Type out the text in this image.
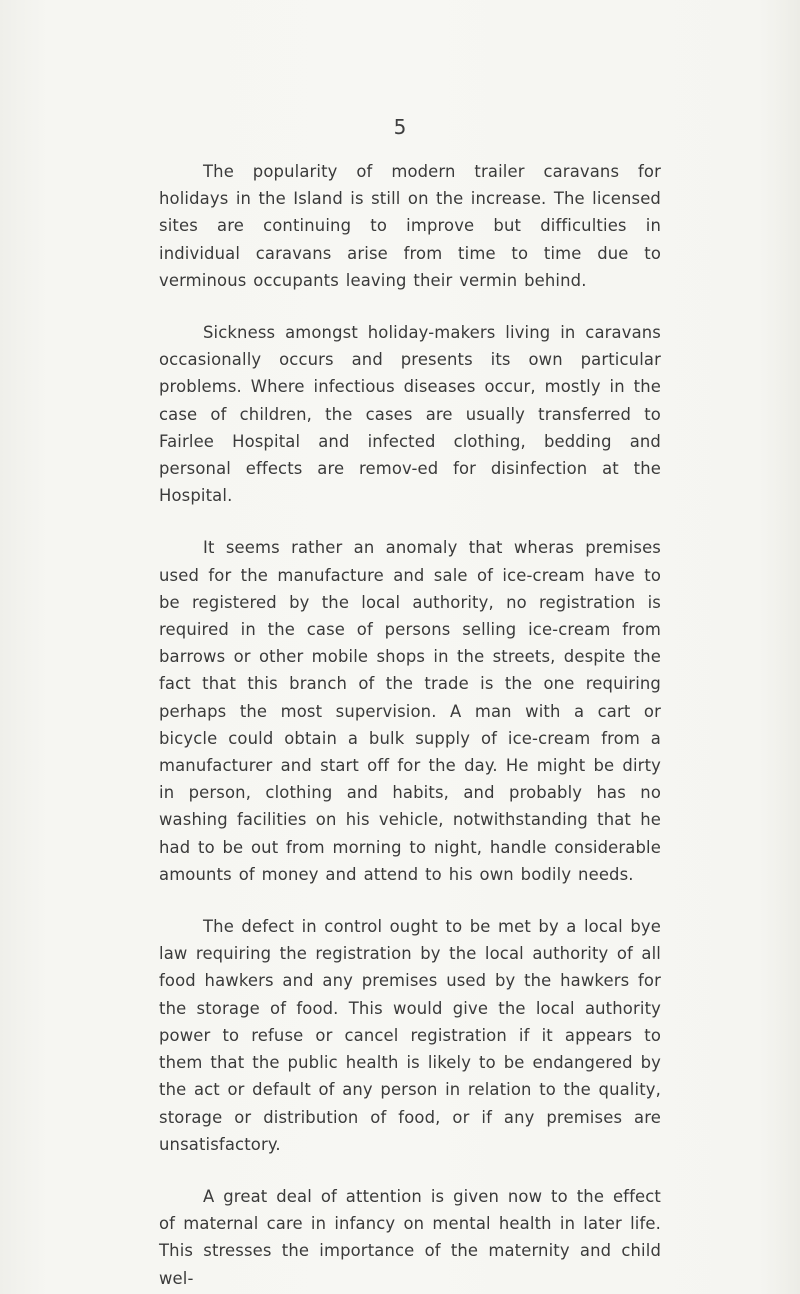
5

The popularity of modern trailer caravans for holidays in the Island is still on the increase. The licensed sites are continuing to improve but difficulties in individual caravans arise from time to time due to verminous occupants leaving their vermin behind.

Sickness amongst holiday-makers living in caravans occasionally occurs and presents its own particular problems. Where infectious diseases occur, mostly in the case of children, the cases are usually transferred to Fairlee Hospital and infected clothing, bedding and personal effects are remov-ed for disinfection at the Hospital.

It seems rather an anomaly that wheras premises used for the manufacture and sale of ice-cream have to be registered by the local authority, no registration is required in the case of persons selling ice-cream from barrows or other mobile shops in the streets, despite the fact that this branch of the trade is the one requiring perhaps the most supervision. A man with a cart or bicycle could obtain a bulk supply of ice-cream from a manufacturer and start off for the day. He might be dirty in person, clothing and habits, and probably has no washing facilities on his vehicle, notwithstanding that he had to be out from morning to night, handle considerable amounts of money and attend to his own bodily needs.

The defect in control ought to be met by a local bye law requiring the registration by the local authority of all food hawkers and any premises used by the hawkers for the storage of food. This would give the local authority power to refuse or cancel registration if it appears to them that the public health is likely to be endangered by the act or default of any person in relation to the quality, storage or distribution of food, or if any premises are unsatisfactory.

A great deal of attention is given now to the effect of maternal care in infancy on mental health in later life. This stresses the importance of the maternity and child wel-
